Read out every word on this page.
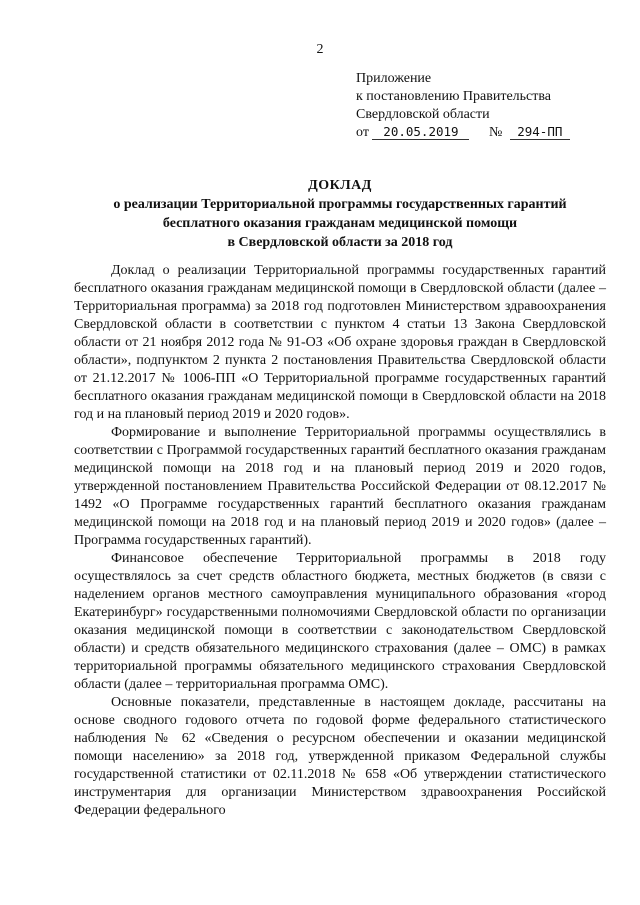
2
Приложение
к постановлению Правительства
Свердловской области
от 20.05.2019 № 294-ПП
ДОКЛАД
о реализации Территориальной программы государственных гарантий
бесплатного оказания гражданам медицинской помощи
в Свердловской области за 2018 год

Доклад о реализации Территориальной программы государственных гарантий бесплатного оказания гражданам медицинской помощи в Свердловской области (далее – Территориальная программа) за 2018 год подготовлен Министерством здравоохранения Свердловской области в соответствии с пунктом 4 статьи 13 Закона Свердловской области от 21 ноября 2012 года № 91-ОЗ «Об охране здоровья граждан в Свердловской области», подпунктом 2 пункта 2 постановления Правительства Свердловской области от 21.12.2017 № 1006-ПП «О Территориальной программе государственных гарантий бесплатного оказания гражданам медицинской помощи в Свердловской области на 2018 год и на плановый период 2019 и 2020 годов».

Формирование и выполнение Территориальной программы осуществлялись в соответствии с Программой государственных гарантий бесплатного оказания гражданам медицинской помощи на 2018 год и на плановый период 2019 и 2020 годов, утвержденной постановлением Правительства Российской Федерации от 08.12.2017 № 1492 «О Программе государственных гарантий бесплатного оказания гражданам медицинской помощи на 2018 год и на плановый период 2019 и 2020 годов» (далее – Программа государственных гарантий).

Финансовое обеспечение Территориальной программы в 2018 году осуществлялось за счет средств областного бюджета, местных бюджетов (в связи с наделением органов местного самоуправления муниципального образования «город Екатеринбург» государственными полномочиями Свердловской области по организации оказания медицинской помощи в соответствии с законодательством Свердловской области) и средств обязательного медицинского страхования (далее – ОМС) в рамках территориальной программы обязательного медицинского страхования Свердловской области (далее – территориальная программа ОМС).

Основные показатели, представленные в настоящем докладе, рассчитаны на основе сводного годового отчета по годовой форме федерального статистического наблюдения № 62 «Сведения о ресурсном обеспечении и оказании медицинской помощи населению» за 2018 год, утвержденной приказом Федеральной службы государственной статистики от 02.11.2018 № 658 «Об утверждении статистического инструментария для организации Министерством здравоохранения Российской Федерации федерального
